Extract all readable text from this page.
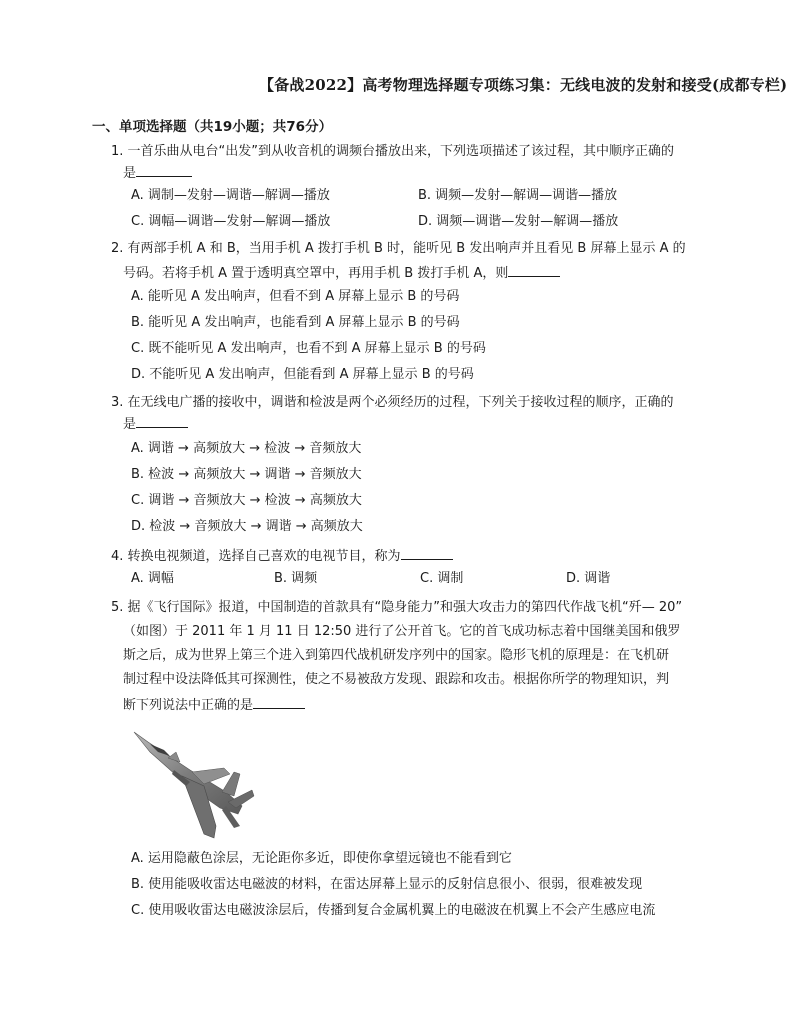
【备战2022】高考物理选择题专项练习集：无线电波的发射和接受(成都专栏)
一、单项选择题（共19小题；共76分）
1. 一首乐曲从电台“出发”到从收音机的调频台播放出来，下列选项描述了该过程，其中顺序正确的
是
A. 调制—发射—调谐—解调—播放	B. 调频—发射—解调—调谐—播放
C. 调幅—调谐—发射—解调—播放	D. 调频—调谐—发射—解调—播放
2. 有两部手机 A 和 B，当用手机 A 拨打手机 B 时，能听见 B 发出响声并且看见 B 屏幕上显示 A 的
号码。若将手机 A 置于透明真空罩中，再用手机 B 拨打手机 A，则
A. 能听见 A 发出响声，但看不到 A 屏幕上显示 B 的号码
B. 能听见 A 发出响声，也能看到 A 屏幕上显示 B 的号码
C. 既不能听见 A 发出响声，也看不到 A 屏幕上显示 B 的号码
D. 不能听见 A 发出响声，但能看到 A 屏幕上显示 B 的号码
3. 在无线电广播的接收中，调谐和检波是两个必须经历的过程，下列关于接收过程的顺序，正确的
是
A. 调谐 → 高频放大 → 检波 → 音频放大
B. 检波 → 高频放大 → 调谐 → 音频放大
C. 调谐 → 音频放大 → 检波 → 高频放大
D. 检波 → 音频放大 → 调谐 → 高频放大
4. 转换电视频道，选择自己喜欢的电视节目，称为
A. 调幅	B. 调频	C. 调制	D. 调谐
5. 据《飞行国际》报道，中国制造的首款具有“隐身能力”和强大攻击力的第四代作战飞机“歼— 20”
（如图）于 2011 年 1 月 11 日 12:50 进行了公开首飞。它的首飞成功标志着中国继美国和俄罗
斯之后，成为世界上第三个进入到第四代战机研发序列中的国家。隐形飞机的原理是：在飞机研
制过程中设法降低其可探测性，使之不易被敌方发现、跟踪和攻击。根据你所学的物理知识，判
断下列说法中正确的是
A. 运用隐蔽色涂层，无论距你多近，即使你拿望远镜也不能看到它
B. 使用能吸收雷达电磁波的材料，在雷达屏幕上显示的反射信息很小、很弱，很难被发现
C. 使用吸收雷达电磁波涂层后，传播到复合金属机翼上的电磁波在机翼上不会产生感应电流
